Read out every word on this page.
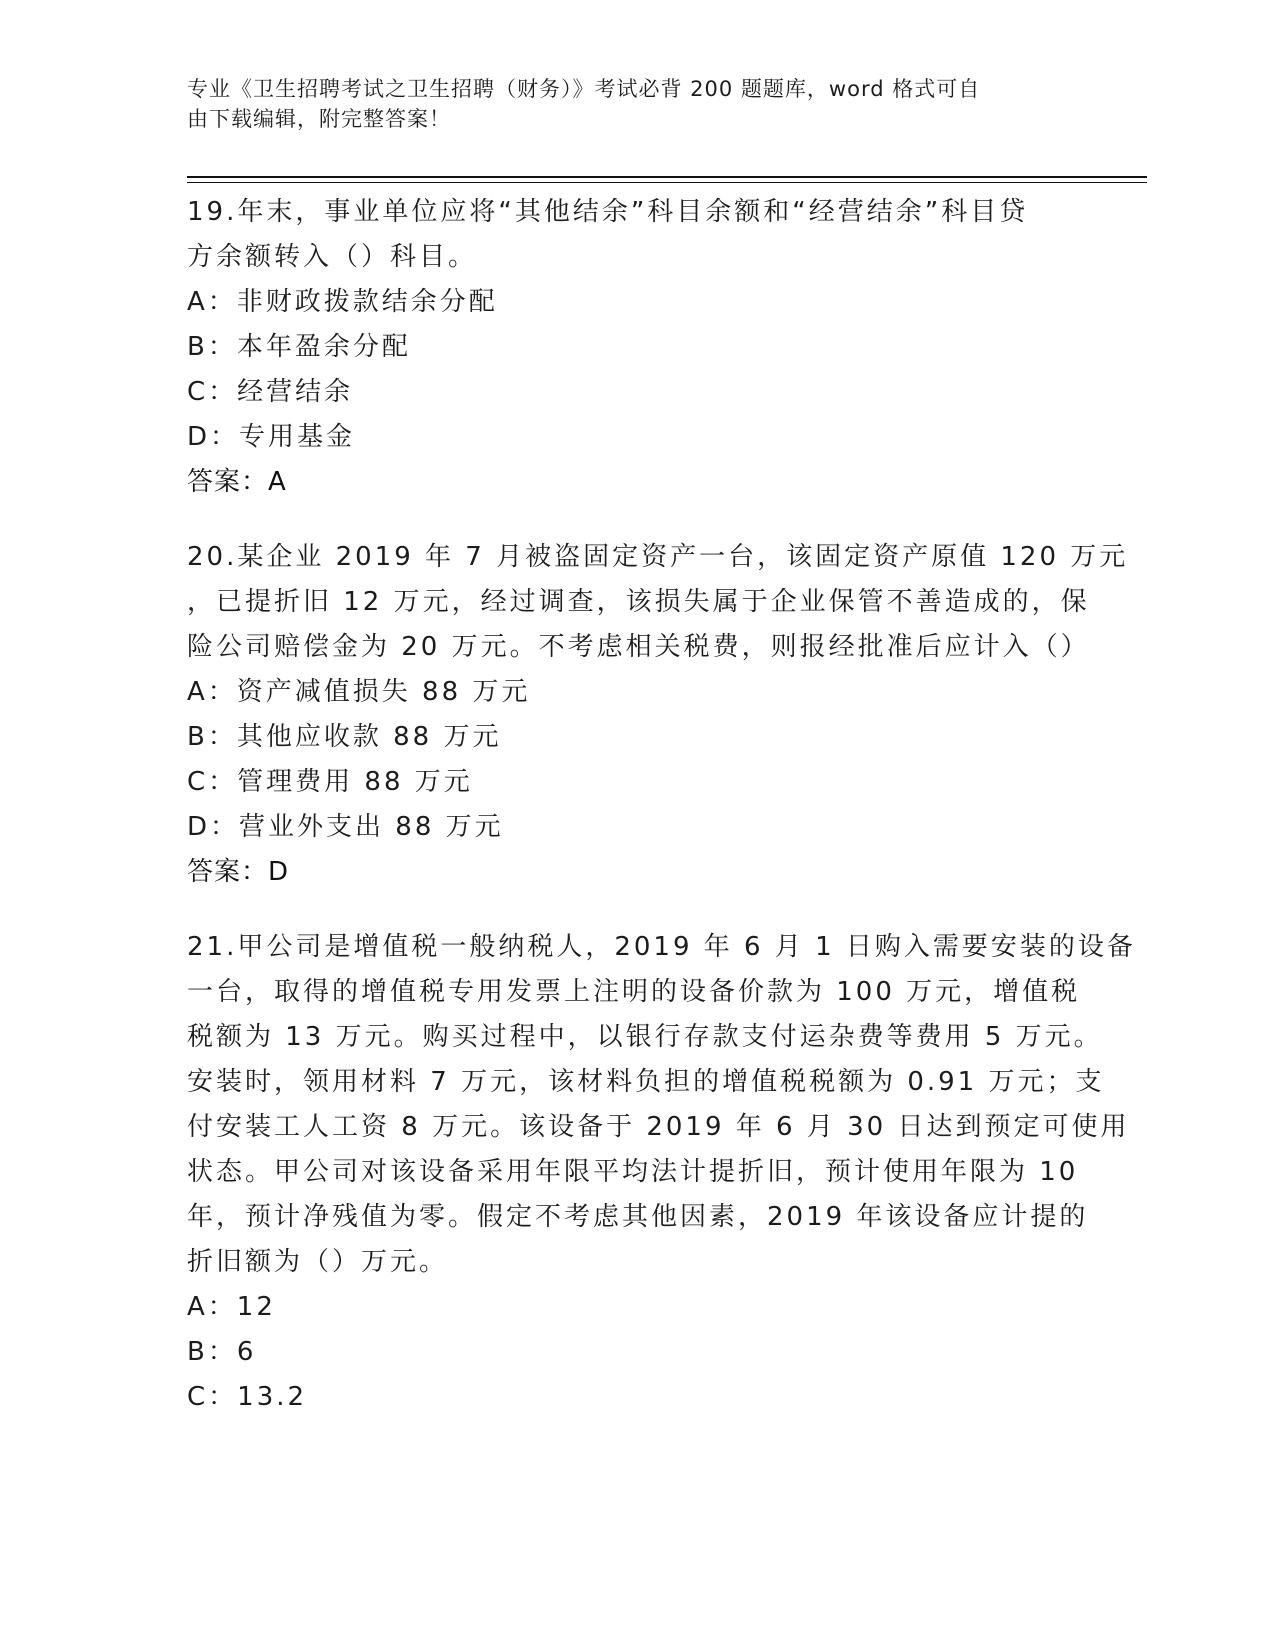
专业《卫生招聘考试之卫生招聘（财务）》考试必背 200 题题库，word 格式可自
由下载编辑，附完整答案！
19.年末，事业单位应将“其他结余”科目余额和“经营结余”科目贷
方余额转入（）科目。
A：非财政拨款结余分配
B：本年盈余分配
C：经营结余
D：专用基金
答案：A
20.某企业 2019 年 7 月被盗固定资产一台，该固定资产原值 120 万元
，已提折旧 12 万元，经过调查，该损失属于企业保管不善造成的，保
险公司赔偿金为 20 万元。不考虑相关税费，则报经批准后应计入（）
A：资产减值损失 88 万元
B：其他应收款 88 万元
C：管理费用 88 万元
D：营业外支出 88 万元
答案：D
21.甲公司是增值税一般纳税人，2019 年 6 月 1 日购入需要安装的设备
一台，取得的增值税专用发票上注明的设备价款为 100 万元，增值税
税额为 13 万元。购买过程中，以银行存款支付运杂费等费用 5 万元。
安装时，领用材料 7 万元，该材料负担的增值税税额为 0.91 万元；支
付安装工人工资 8 万元。该设备于 2019 年 6 月 30 日达到预定可使用
状态。甲公司对该设备采用年限平均法计提折旧，预计使用年限为 10
年，预计净残值为零。假定不考虑其他因素，2019 年该设备应计提的
折旧额为（）万元。
A：12
B：6
C：13.2
